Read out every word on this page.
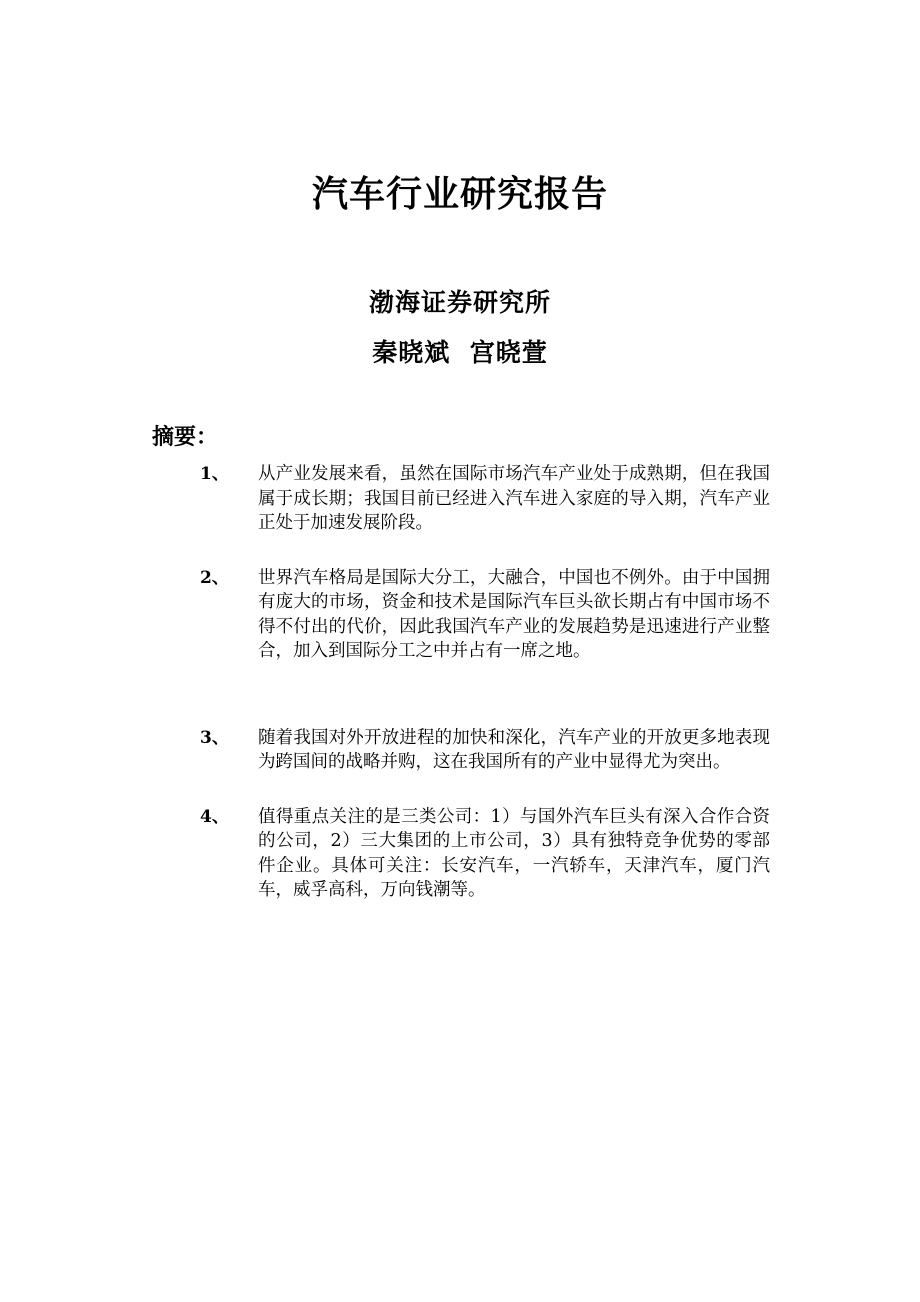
汽车行业研究报告
渤海证券研究所
秦晓斌  宫晓萱
摘要：
1、 从产业发展来看，虽然在国际市场汽车产业处于成熟期，但在我国属于成长期；我国目前已经进入汽车进入家庭的导入期，汽车产业正处于加速发展阶段。
2、 世界汽车格局是国际大分工，大融合，中国也不例外。由于中国拥有庞大的市场，资金和技术是国际汽车巨头欲长期占有中国市场不得不付出的代价，因此我国汽车产业的发展趋势是迅速进行产业整合，加入到国际分工之中并占有一席之地。
3、 随着我国对外开放进程的加快和深化，汽车产业的开放更多地表现为跨国间的战略并购，这在我国所有的产业中显得尤为突出。
4、 值得重点关注的是三类公司：1）与国外汽车巨头有深入合作合资的公司，2）三大集团的上市公司，3）具有独特竞争优势的零部件企业。具体可关注：长安汽车，一汽轿车，天津汽车，厦门汽车，威孚高科，万向钱潮等。
